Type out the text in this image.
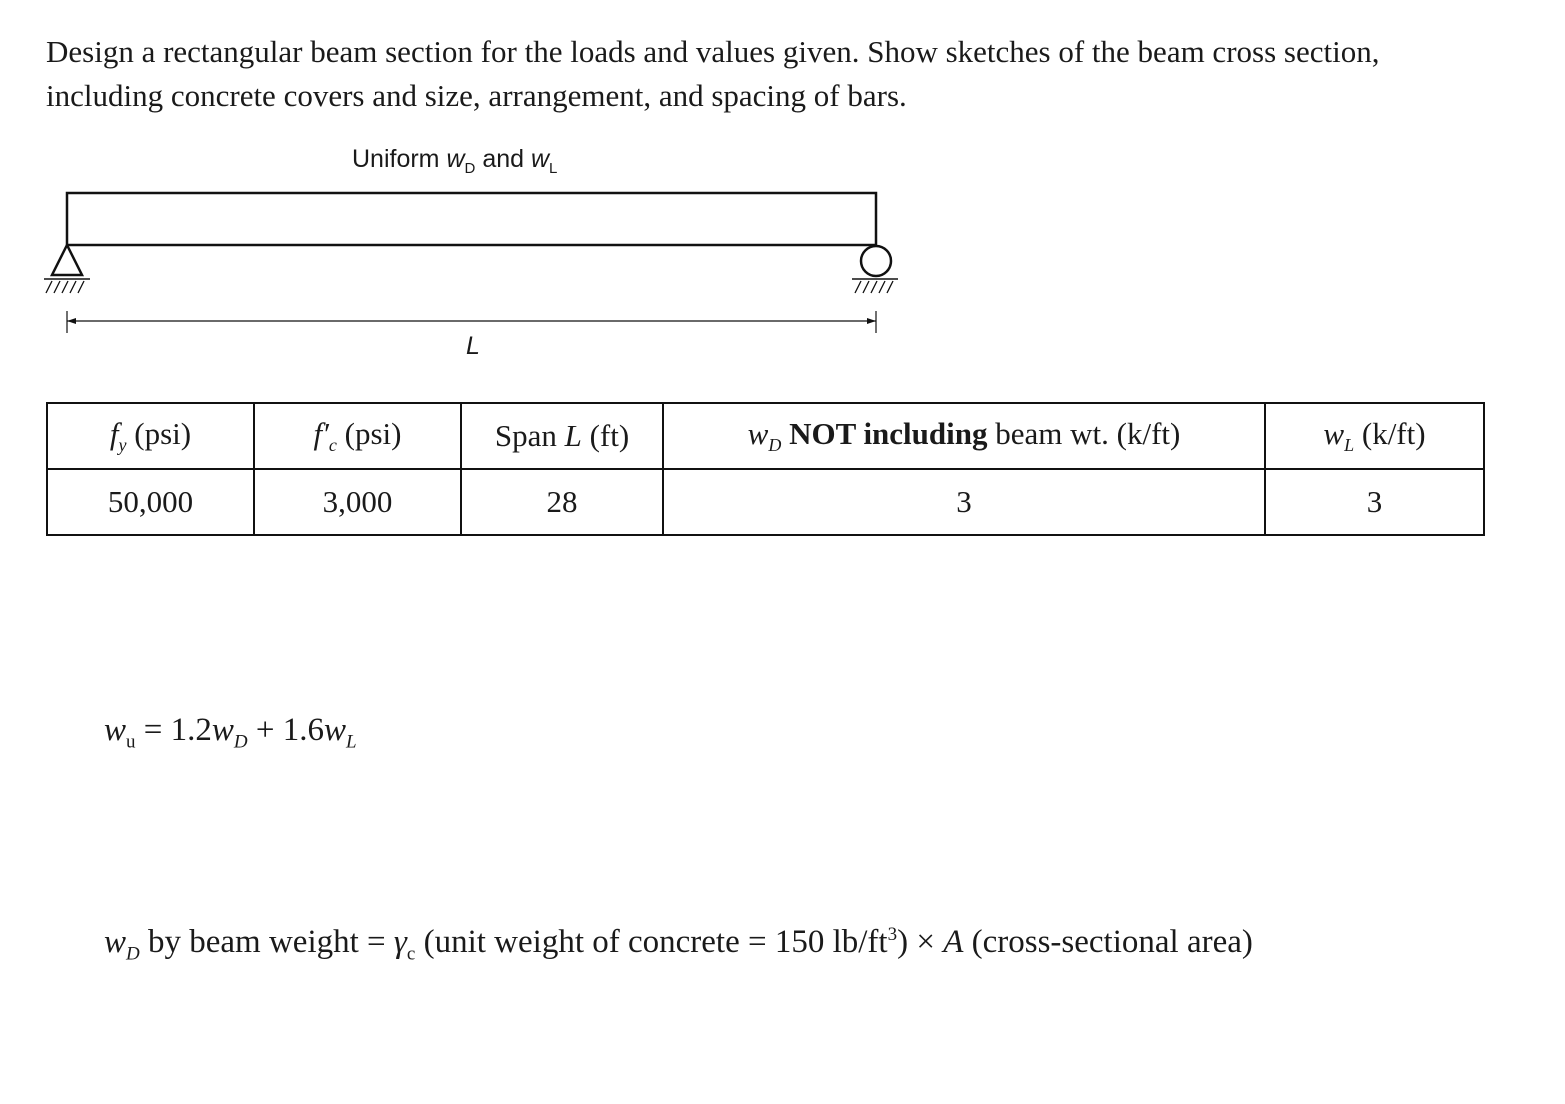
Design a rectangular beam section for the loads and values given. Show sketches of the beam cross section, including concrete covers and size, arrangement, and spacing of bars.

Uniform $w_D$ and $w_L$
L
$f_y$ (psi)	$f'_c$ (psi)	Span L (ft)	$w_D$ NOT including beam wt. (k/ft)	$w_L$ (k/ft)
50,000	3,000	28	3	3
$w_u = 1.2w_D + 1.6w_L$
$w_D$ by beam weight = $\gamma_c$ (unit weight of concrete = 150 $lb/ft^3) \times A$ (cross-sectional area)
